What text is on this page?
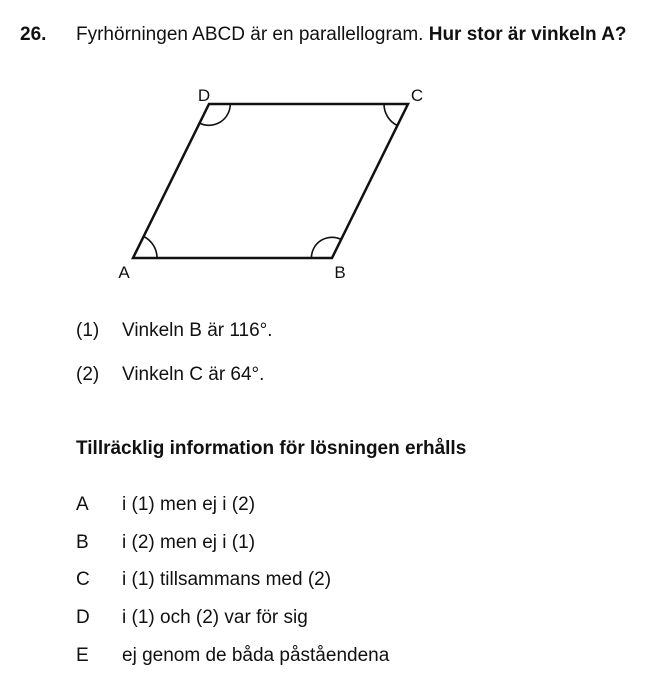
26. Fyrhörningen ABCD är en parallellogram. Hur stor är vinkeln A?
A	B
C
D
(1) Vinkeln B är 116°.
(2) Vinkeln C är 64°.
Tillräcklig information för lösningen erhålls
A i (1) men ej i (2)
B i (2) men ej i (1)
C i (1) tillsammans med (2)
D i (1) och (2) var för sig
E ej genom de båda påståendena
